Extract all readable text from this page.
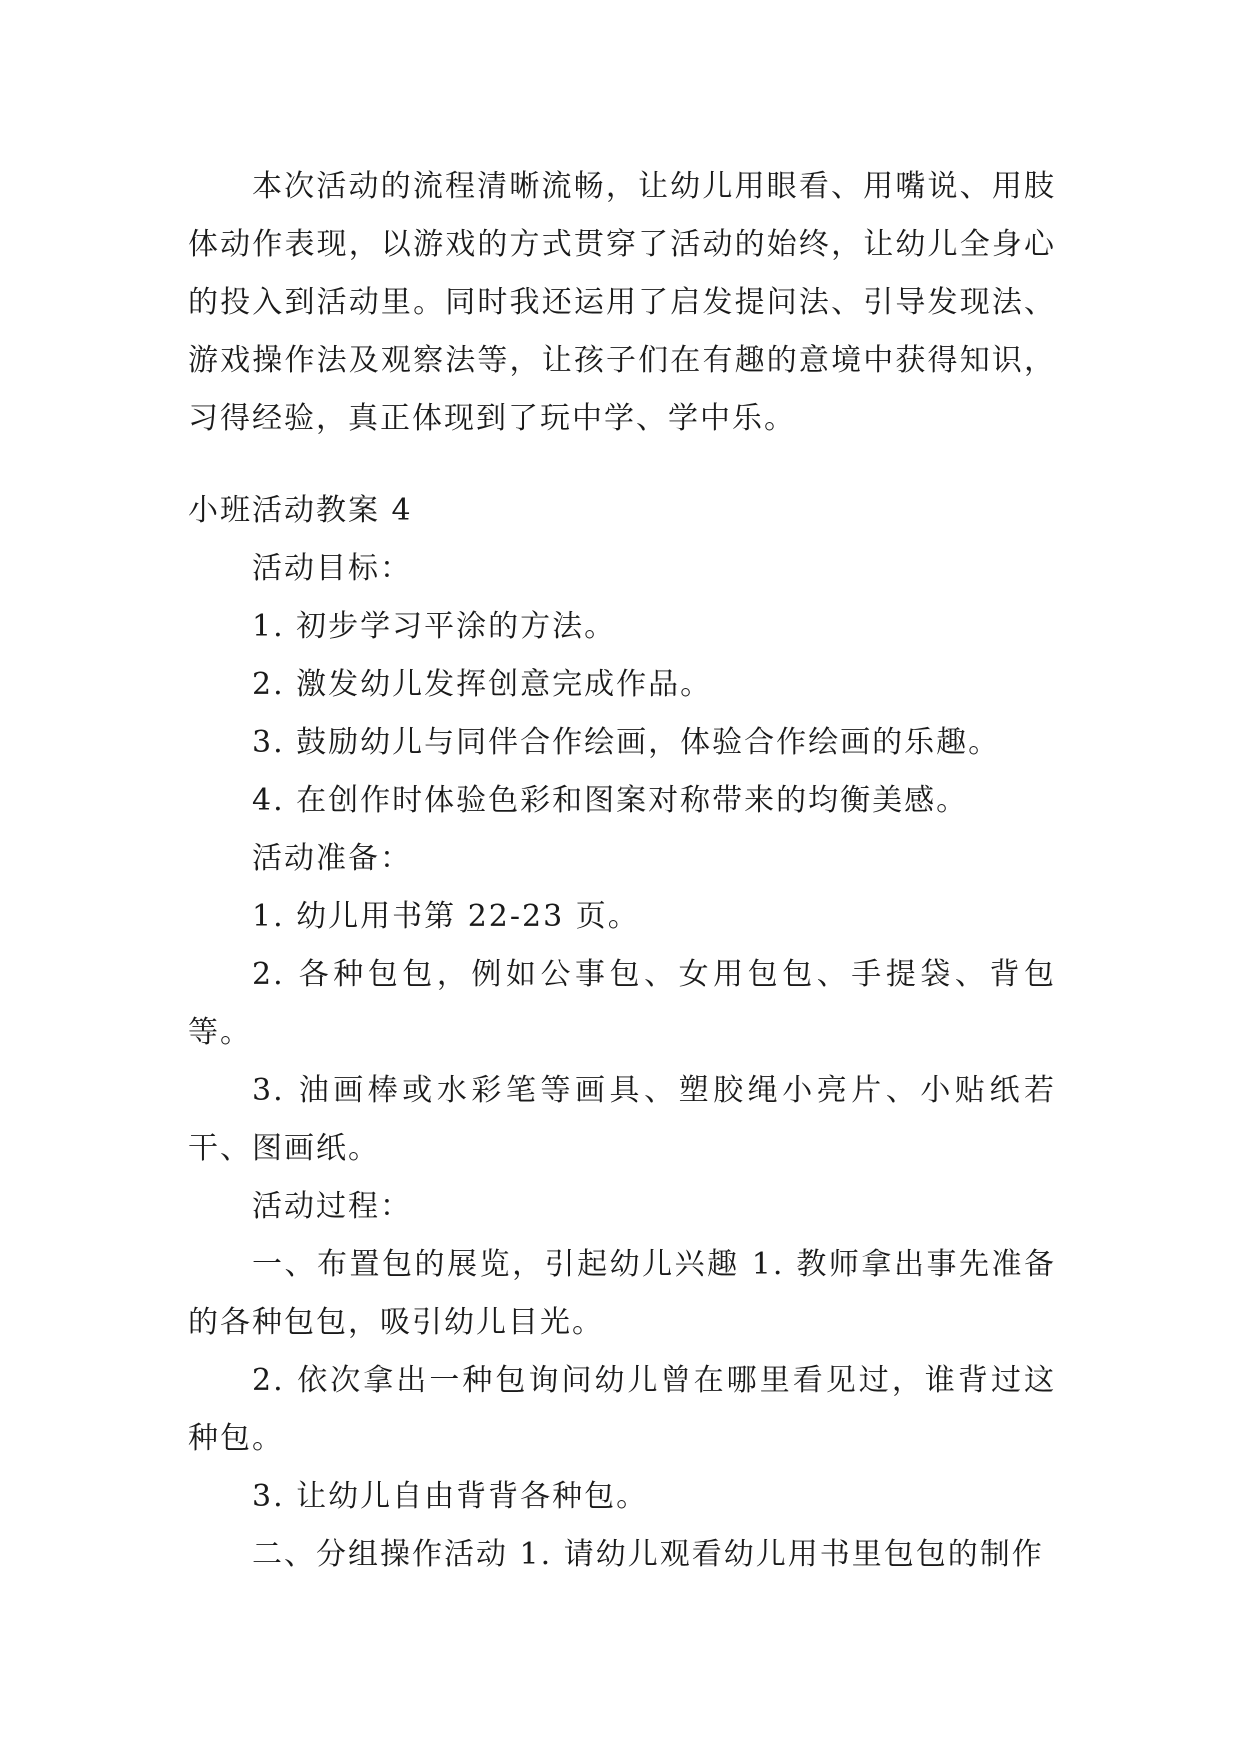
本次活动的流程清晰流畅，让幼儿用眼看、用嘴说、用肢体动作表现，以游戏的方式贯穿了活动的始终，让幼儿全身心的投入到活动里。同时我还运用了启发提问法、引导发现法、游戏操作法及观察法等，让孩子们在有趣的意境中获得知识，习得经验，真正体现到了玩中学、学中乐。

小班活动教案 4

活动目标：

1. 初步学习平涂的方法。

2. 激发幼儿发挥创意完成作品。

3. 鼓励幼儿与同伴合作绘画，体验合作绘画的乐趣。

4. 在创作时体验色彩和图案对称带来的均衡美感。

活动准备：

1. 幼儿用书第 22-23 页。

2. 各种包包，例如公事包、女用包包、手提袋、背包等。

3. 油画棒或水彩笔等画具、塑胶绳小亮片、小贴纸若干、图画纸。

活动过程：

一、布置包的展览，引起幼儿兴趣 1. 教师拿出事先准备的各种包包，吸引幼儿目光。

2. 依次拿出一种包询问幼儿曾在哪里看见过，谁背过这种包。

3. 让幼儿自由背背各种包。

二、分组操作活动 1. 请幼儿观看幼儿用书里包包的制作
